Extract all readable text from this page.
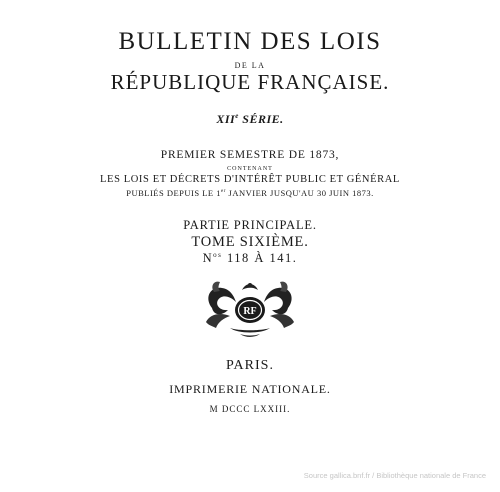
BULLETIN DES LOIS
DE LA
RÉPUBLIQUE FRANÇAISE.
XIIe SÉRIE.
PREMIER SEMESTRE DE 1873,
CONTENANT
LES LOIS ET DÉCRETS D'INTÉRÊT PUBLIC ET GÉNÉRAL
PUBLIÉS DEPUIS LE 1er JANVIER JUSQU'AU 30 JUIN 1873.
PARTIE PRINCIPALE.
TOME SIXIÈME.
$N^{os}$ 118 À 141.
RF
PARIS.
IMPRIMERIE NATIONALE.
M DCCC LXXIII.
Source gallica.bnf.fr / Bibliothèque nationale de France
